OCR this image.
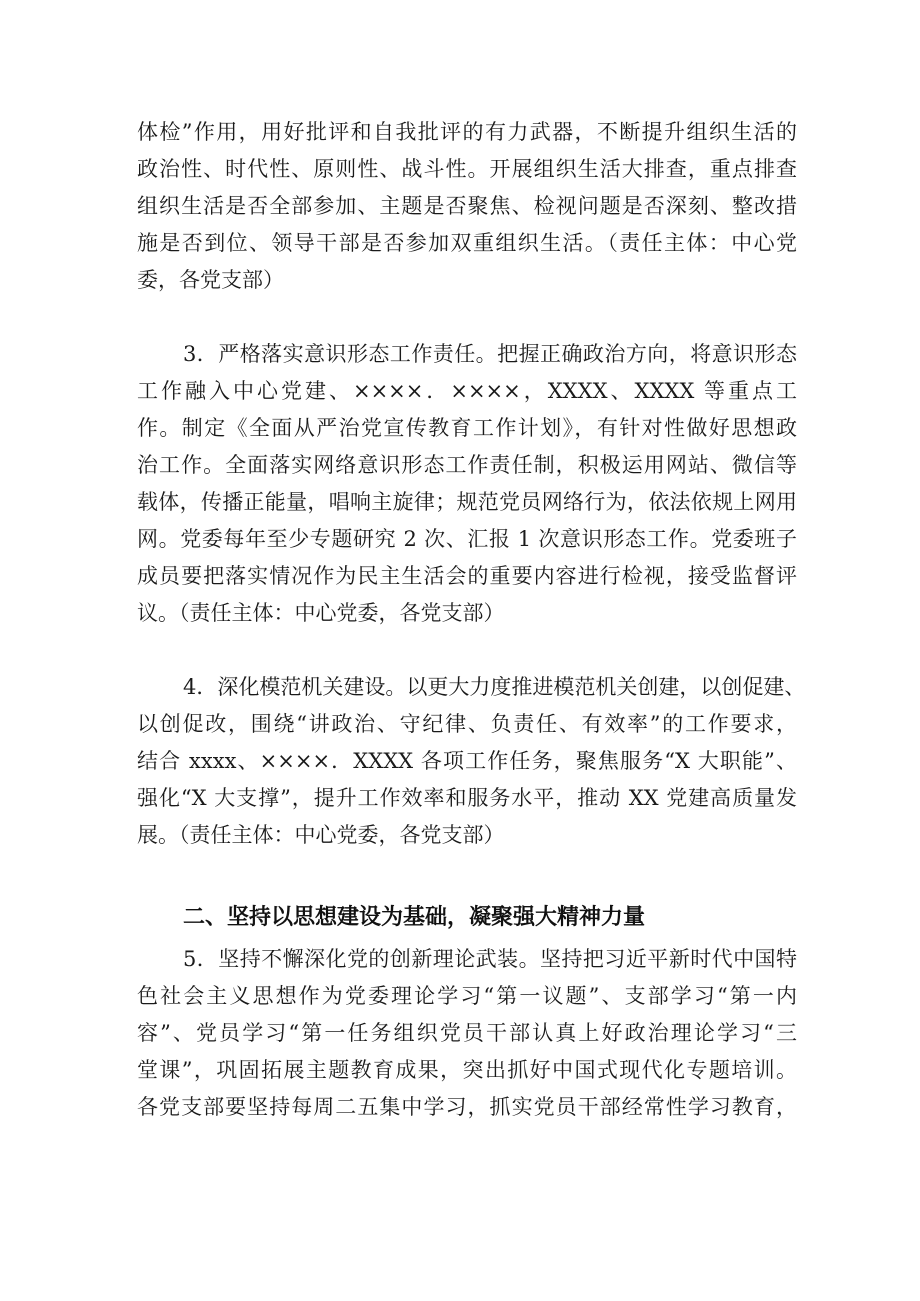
体检”作用，用好批评和自我批评的有力武器，不断提升组织生活的
政治性、时代性、原则性、战斗性。开展组织生活大排查，重点排查
组织生活是否全部参加、主题是否聚焦、检视问题是否深刻、整改措
施是否到位、领导干部是否参加双重组织生活。（责任主体：中心党
委，各党支部）
3．严格落实意识形态工作责任。把握正确政治方向，将意识形态
工作融入中心党建、××××．××××，XXXX、XXXX 等重点工
作。制定《全面从严治党宣传教育工作计划》，有针对性做好思想政
治工作。全面落实网络意识形态工作责任制，积极运用网站、微信等
载体，传播正能量，唱响主旋律；规范党员网络行为，依法依规上网用
网。党委每年至少专题研究 2 次、汇报 1 次意识形态工作。党委班子
成员要把落实情况作为民主生活会的重要内容进行检视，接受监督评
议。（责任主体：中心党委，各党支部）
4．深化模范机关建设。以更大力度推进模范机关创建，以创促建、
以创促改，围绕“讲政治、守纪律、负责任、有效率”的工作要求，
结合 xxxx、××××．XXXX 各项工作任务，聚焦服务“X 大职能”、
强化“X 大支撑”，提升工作效率和服务水平，推动 XX 党建高质量发
展。（责任主体：中心党委，各党支部）
二、坚持以思想建设为基础，凝聚强大精神力量
5．坚持不懈深化党的创新理论武装。坚持把习近平新时代中国特
色社会主义思想作为党委理论学习“第一议题”、支部学习“第一内
容”、党员学习“第一任务组织党员干部认真上好政治理论学习“三
堂课”，巩固拓展主题教育成果，突出抓好中国式现代化专题培训。
各党支部要坚持每周二五集中学习，抓实党员干部经常性学习教育，
